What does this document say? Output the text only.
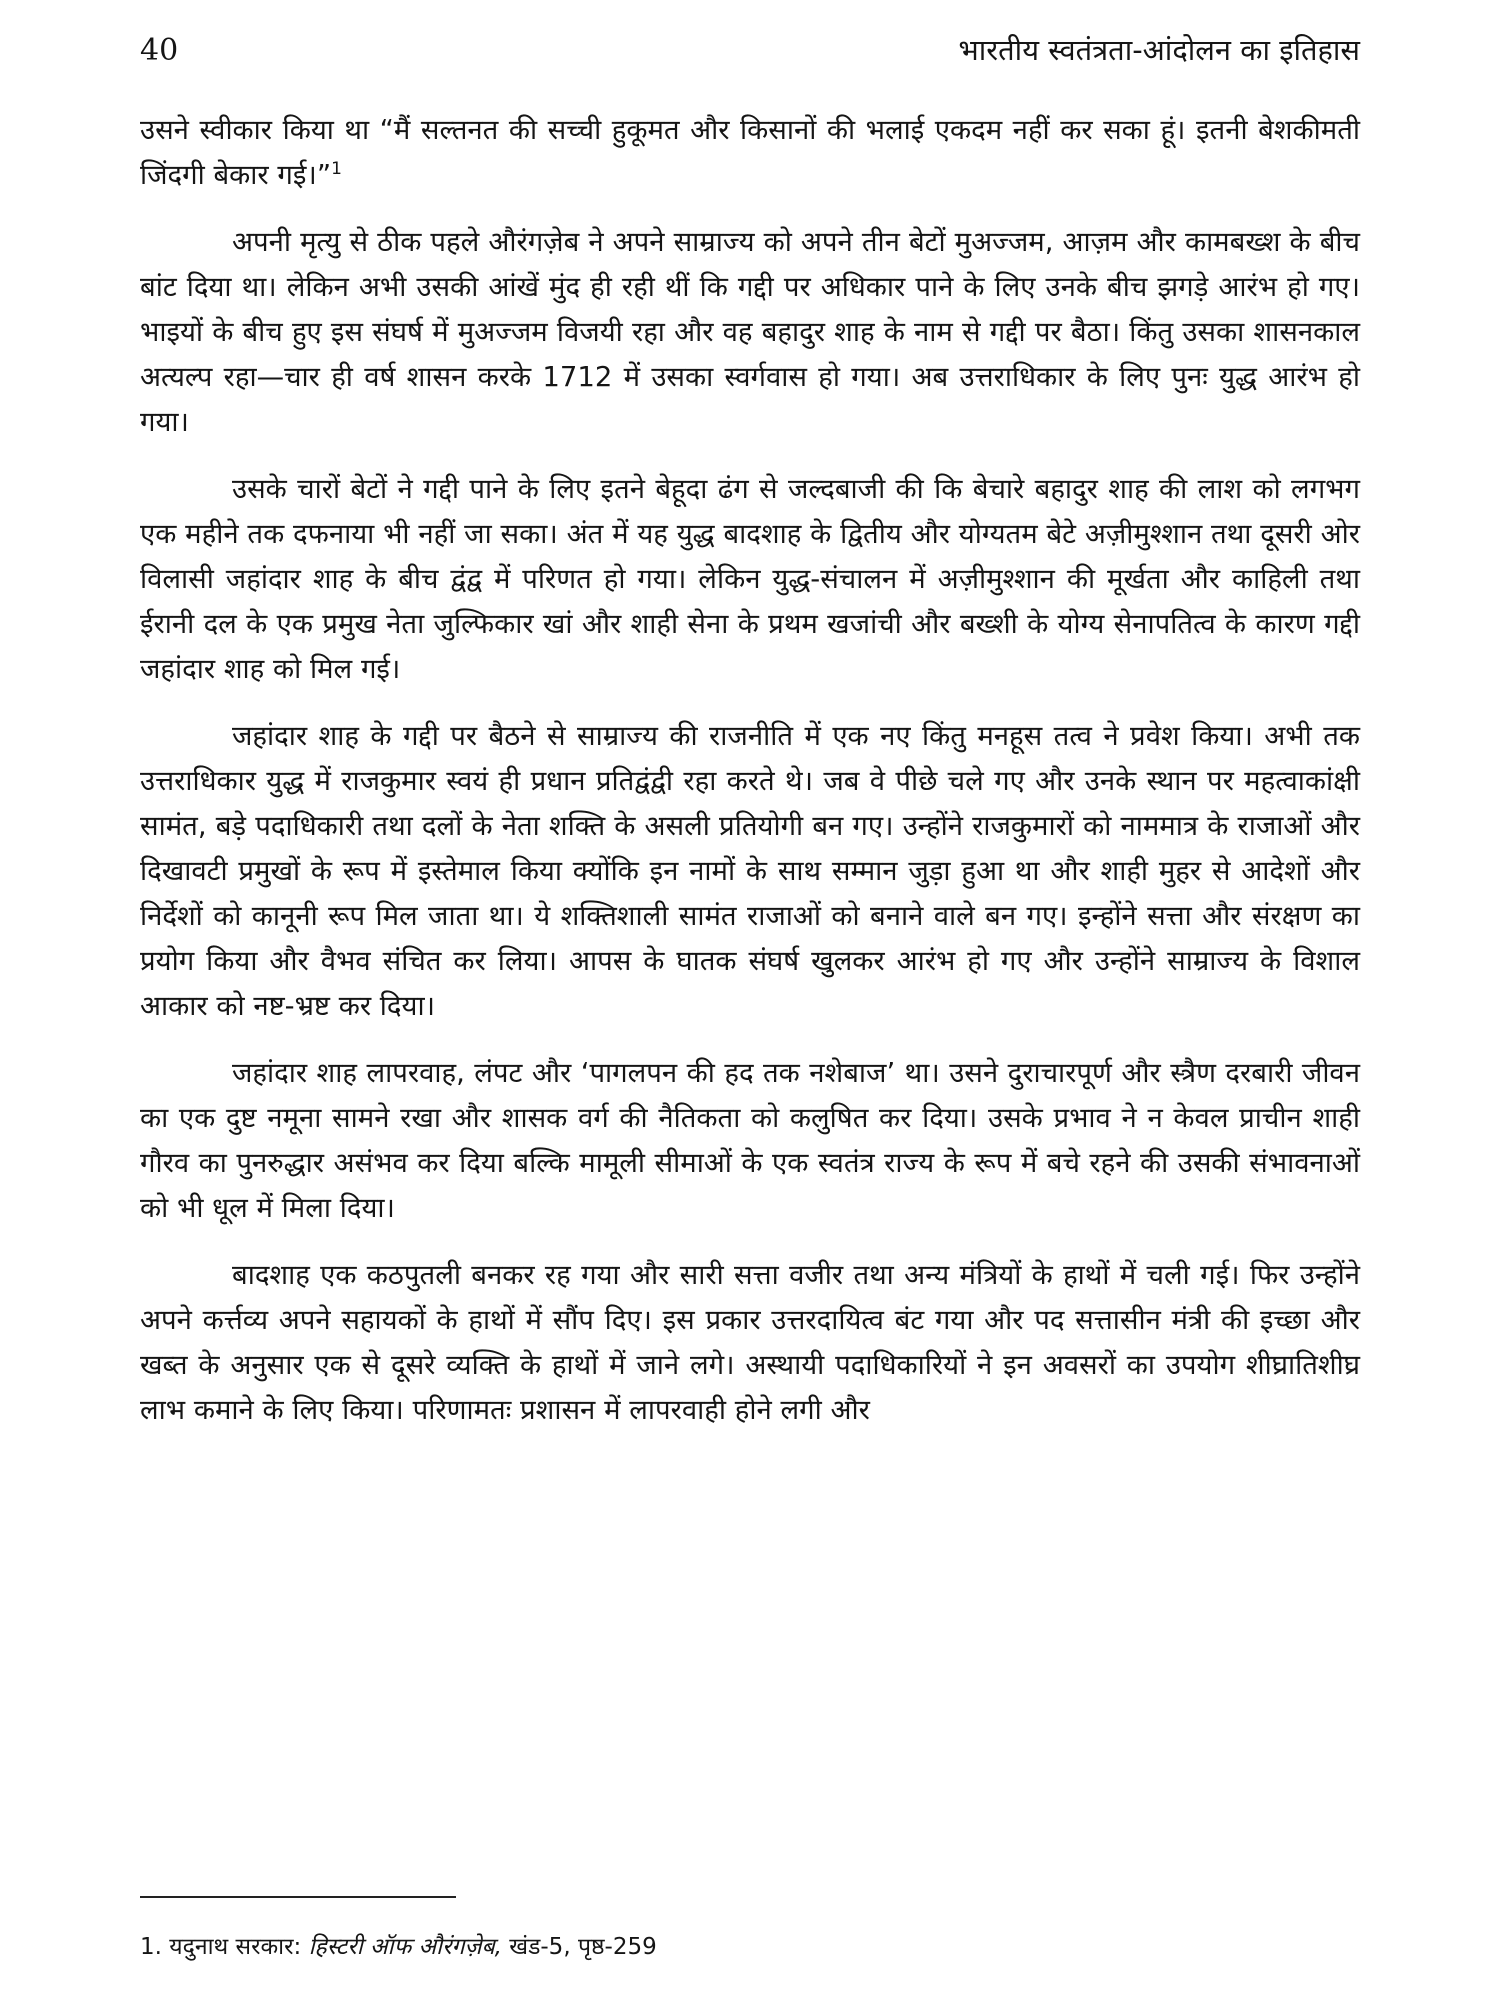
40	भारतीय स्वतंत्रता-आंदोलन का इतिहास

उसने स्वीकार किया था “मैं सल्तनत की सच्ची हुकूमत और किसानों की भलाई एकदम नहीं कर सका हूं। इतनी बेशकीमती जिंदगी बेकार गई।”$^1$

अपनी मृत्यु से ठीक पहले औरंगज़ेब ने अपने साम्राज्य को अपने तीन बेटों मुअज्जम, आज़म और कामबख्श के बीच बांट दिया था। लेकिन अभी उसकी आंखें मुंद ही रही थीं कि गद्दी पर अधिकार पाने के लिए उनके बीच झगड़े आरंभ हो गए। भाइयों के बीच हुए इस संघर्ष में मुअज्जम विजयी रहा और वह बहादुर शाह के नाम से गद्दी पर बैठा। किंतु उसका शासनकाल अत्यल्प रहा—चार ही वर्ष शासन करके 1712 में उसका स्वर्गवास हो गया। अब उत्तराधिकार के लिए पुनः युद्ध आरंभ हो गया।

उसके चारों बेटों ने गद्दी पाने के लिए इतने बेहूदा ढंग से जल्दबाजी की कि बेचारे बहादुर शाह की लाश को लगभग एक महीने तक दफनाया भी नहीं जा सका। अंत में यह युद्ध बादशाह के द्वितीय और योग्यतम बेटे अज़ीमुश्शान तथा दूसरी ओर विलासी जहांदार शाह के बीच द्वंद्व में परिणत हो गया। लेकिन युद्ध-संचालन में अज़ीमुश्शान की मूर्खता और काहिली तथा ईरानी दल के एक प्रमुख नेता जुल्फिकार खां और शाही सेना के प्रथम खजांची और बख्शी के योग्य सेनापतित्व के कारण गद्दी जहांदार शाह को मिल गई।

जहांदार शाह के गद्दी पर बैठने से साम्राज्य की राजनीति में एक नए किंतु मनहूस तत्व ने प्रवेश किया। अभी तक उत्तराधिकार युद्ध में राजकुमार स्वयं ही प्रधान प्रतिद्वंद्वी रहा करते थे। जब वे पीछे चले गए और उनके स्थान पर महत्वाकांक्षी सामंत, बड़े पदाधिकारी तथा दलों के नेता शक्ति के असली प्रतियोगी बन गए। उन्होंने राजकुमारों को नाममात्र के राजाओं और दिखावटी प्रमुखों के रूप में इस्तेमाल किया क्योंकि इन नामों के साथ सम्मान जुड़ा हुआ था और शाही मुहर से आदेशों और निर्देशों को कानूनी रूप मिल जाता था। ये शक्तिशाली सामंत राजाओं को बनाने वाले बन गए। इन्होंने सत्ता और संरक्षण का प्रयोग किया और वैभव संचित कर लिया। आपस के घातक संघर्ष खुलकर आरंभ हो गए और उन्होंने साम्राज्य के विशाल आकार को नष्ट-भ्रष्ट कर दिया।

जहांदार शाह लापरवाह, लंपट और ‘पागलपन की हद तक नशेबाज’ था। उसने दुराचारपूर्ण और स्त्रैण दरबारी जीवन का एक दुष्ट नमूना सामने रखा और शासक वर्ग की नैतिकता को कलुषित कर दिया। उसके प्रभाव ने न केवल प्राचीन शाही गौरव का पुनरुद्धार असंभव कर दिया बल्कि मामूली सीमाओं के एक स्वतंत्र राज्य के रूप में बचे रहने की उसकी संभावनाओं को भी धूल में मिला दिया।

बादशाह एक कठपुतली बनकर रह गया और सारी सत्ता वजीर तथा अन्य मंत्रियों के हाथों में चली गई। फिर उन्होंने अपने कर्त्तव्य अपने सहायकों के हाथों में सौंप दिए। इस प्रकार उत्तरदायित्व बंट गया और पद सत्तासीन मंत्री की इच्छा और खब्त के अनुसार एक से दूसरे व्यक्ति के हाथों में जाने लगे। अस्थायी पदाधिकारियों ने इन अवसरों का उपयोग शीघ्रातिशीघ्र लाभ कमाने के लिए किया। परिणामतः प्रशासन में लापरवाही होने लगी और

1. यदुनाथ सरकार: हिस्टरी ऑफ औरंगज़ेब, खंड-5, पृष्ठ-259
